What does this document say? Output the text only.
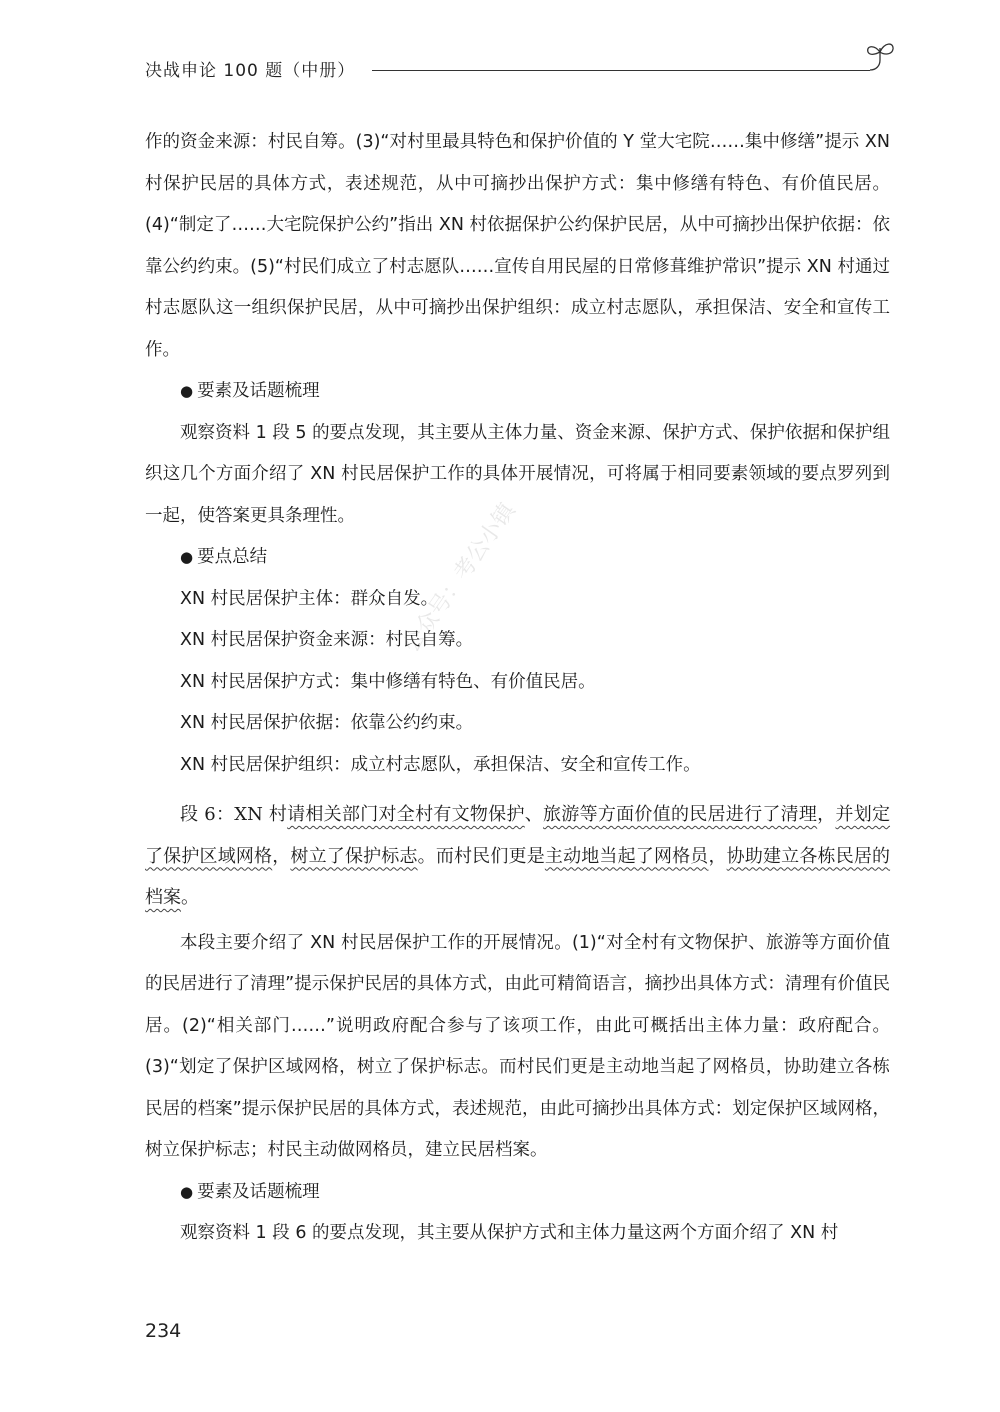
决战申论 100 题（中册）

作的资金来源：村民自筹。(3)“对村里最具特色和保护价值的 Y 堂大宅院……集中修缮”提示 XN 村保护民居的具体方式，表述规范，从中可摘抄出保护方式：集中修缮有特色、有价值民居。(4)“制定了……大宅院保护公约”指出 XN 村依据保护公约保护民居，从中可摘抄出保护依据：依靠公约约束。(5)“村民们成立了村志愿队……宣传自用民屋的日常修葺维护常识”提示 XN 村通过村志愿队这一组织保护民居，从中可摘抄出保护组织：成立村志愿队，承担保洁、安全和宣传工作。

● 要素及话题梳理

观察资料 1 段 5 的要点发现，其主要从主体力量、资金来源、保护方式、保护依据和保护组织这几个方面介绍了 XN 村民居保护工作的具体开展情况，可将属于相同要素领域的要点罗列到一起，使答案更具条理性。

● 要点总结

XN 村民居保护主体：群众自发。

XN 村民居保护资金来源：村民自筹。

XN 村民居保护方式：集中修缮有特色、有价值民居。

XN 村民居保护依据：依靠公约约束。

XN 村民居保护组织：成立村志愿队，承担保洁、安全和宣传工作。

段 6：XN 村请相关部门对全村有文物保护、旅游等方面价值的民居进行了清理，并划定了保护区域网格，树立了保护标志。而村民们更是主动地当起了网格员，协助建立各栋民居的档案。

本段主要介绍了 XN 村民居保护工作的开展情况。(1)“对全村有文物保护、旅游等方面价值的民居进行了清理”提示保护民居的具体方式，由此可精简语言，摘抄出具体方式：清理有价值民居。(2)“相关部门……”说明政府配合参与了该项工作，由此可概括出主体力量：政府配合。(3)“划定了保护区域网格，树立了保护标志。而村民们更是主动地当起了网格员，协助建立各栋民居的档案”提示保护民居的具体方式，表述规范，由此可摘抄出具体方式：划定保护区域网格，树立保护标志；村民主动做网格员，建立民居档案。

● 要素及话题梳理

观察资料 1 段 6 的要点发现，其主要从保护方式和主体力量这两个方面介绍了 XN 村

公众号：考公小镇
234
